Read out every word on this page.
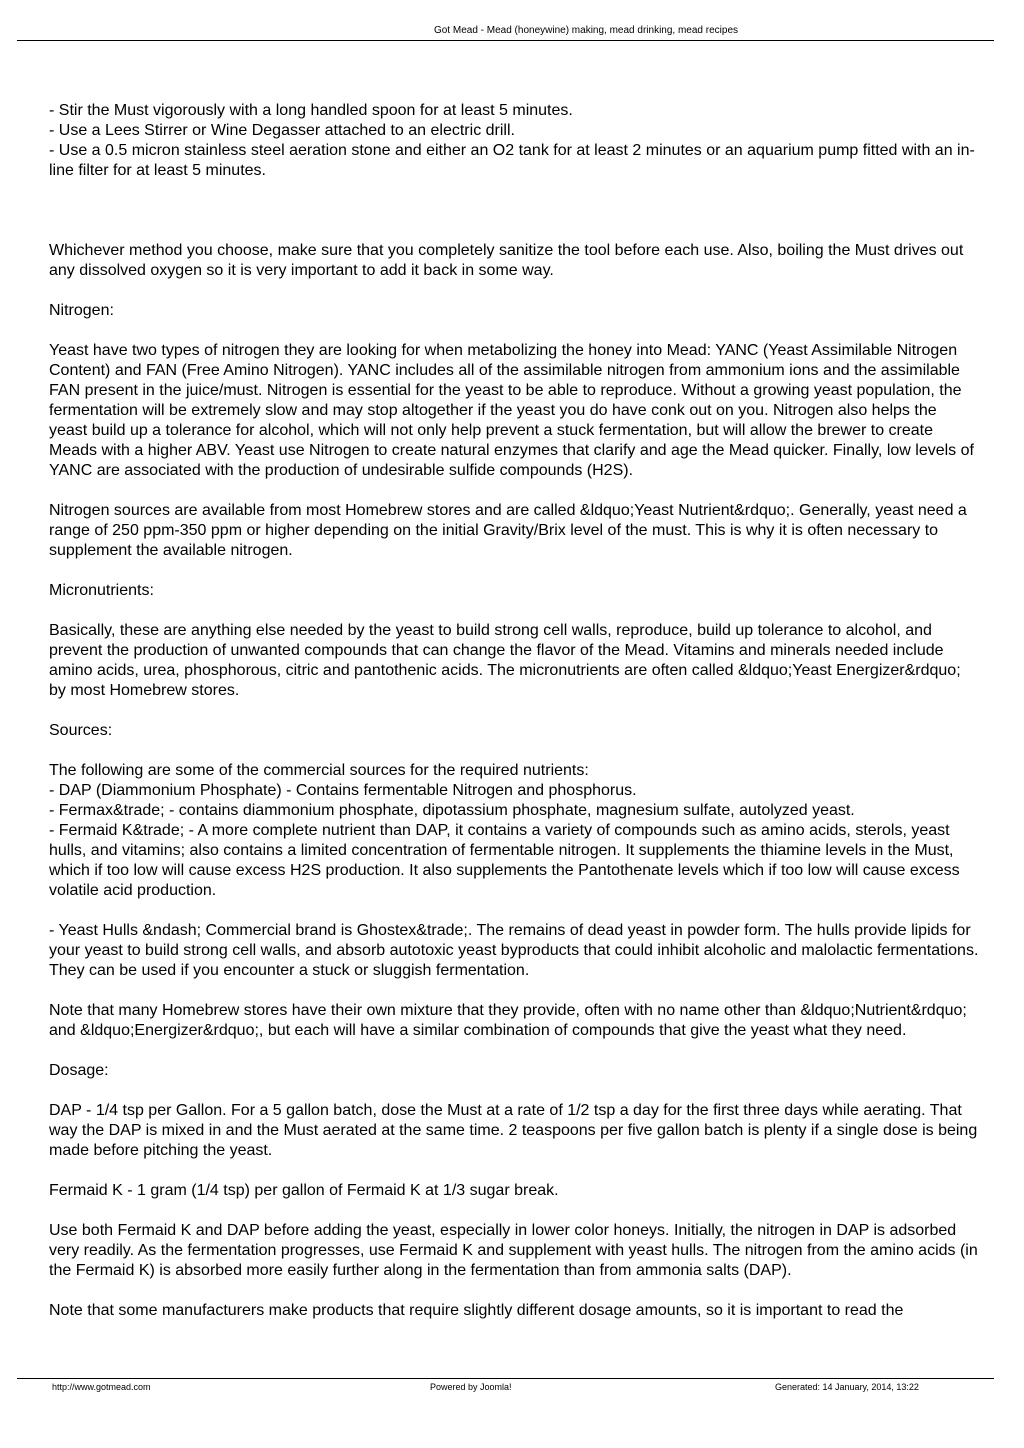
Got Mead - Mead (honeywine) making, mead drinking, mead recipes

- Stir the Must vigorously with a long handled spoon for at least 5 minutes.

- Use a Lees Stirrer or Wine Degasser attached to an electric drill.

- Use a 0.5 micron stainless steel aeration stone and either an O2 tank for at least 2 minutes or an aquarium pump fitted with an in-line filter for at least 5 minutes.

Whichever method you choose, make sure that you completely sanitize the tool before each use. Also, boiling the Must drives out any dissolved oxygen so it is very important to add it back in some way.

Nitrogen:

Yeast have two types of nitrogen they are looking for when metabolizing the honey into Mead: YANC (Yeast Assimilable Nitrogen Content) and FAN (Free Amino Nitrogen). YANC includes all of the assimilable nitrogen from ammonium ions and the assimilable FAN present in the juice/must. Nitrogen is essential for the yeast to be able to reproduce. Without a growing yeast population, the fermentation will be extremely slow and may stop altogether if the yeast you do have conk out on you. Nitrogen also helps the yeast build up a tolerance for alcohol, which will not only help prevent a stuck fermentation, but will allow the brewer to create Meads with a higher ABV. Yeast use Nitrogen to create natural enzymes that clarify and age the Mead quicker. Finally, low levels of YANC are associated with the production of undesirable sulfide compounds (H2S).

Nitrogen sources are available from most Homebrew stores and are called &ldquo;Yeast Nutrient&rdquo;. Generally, yeast need a range of 250 ppm-350 ppm or higher depending on the initial Gravity/Brix level of the must. This is why it is often necessary to supplement the available nitrogen.

Micronutrients:

Basically, these are anything else needed by the yeast to build strong cell walls, reproduce, build up tolerance to alcohol, and prevent the production of unwanted compounds that can change the flavor of the Mead. Vitamins and minerals needed include amino acids, urea, phosphorous, citric and pantothenic acids. The micronutrients are often called &ldquo;Yeast Energizer&rdquo; by most Homebrew stores.

Sources:

The following are some of the commercial sources for the required nutrients:

- DAP (Diammonium Phosphate) - Contains fermentable Nitrogen and phosphorus.

- Fermax&trade; - contains diammonium phosphate, dipotassium phosphate, magnesium sulfate, autolyzed yeast.

- Fermaid K&trade; - A more complete nutrient than DAP, it contains a variety of compounds such as amino acids, sterols, yeast hulls, and vitamins; also contains a limited concentration of fermentable nitrogen. It supplements the thiamine levels in the Must, which if too low will cause excess H2S production. It also supplements the Pantothenate levels which if too low will cause excess volatile acid production.

- Yeast Hulls &ndash; Commercial brand is Ghostex&trade;. The remains of dead yeast in powder form. The hulls provide lipids for your yeast to build strong cell walls, and absorb autotoxic yeast byproducts that could inhibit alcoholic and malolactic fermentations. They can be used if you encounter a stuck or sluggish fermentation.

Note that many Homebrew stores have their own mixture that they provide, often with no name other than &ldquo;Nutrient&rdquo; and &ldquo;Energizer&rdquo;, but each will have a similar combination of compounds that give the yeast what they need.

Dosage:

DAP - 1/4 tsp per Gallon. For a 5 gallon batch, dose the Must at a rate of 1/2 tsp a day for the first three days while aerating. That way the DAP is mixed in and the Must aerated at the same time. 2 teaspoons per five gallon batch is plenty if a single dose is being made before pitching the yeast.

Fermaid K - 1 gram (1/4 tsp) per gallon of Fermaid K at 1/3 sugar break.

Use both Fermaid K and DAP before adding the yeast, especially in lower color honeys. Initially, the nitrogen in DAP is adsorbed very readily. As the fermentation progresses, use Fermaid K and supplement with yeast hulls. The nitrogen from the amino acids (in the Fermaid K) is absorbed more easily further along in the fermentation than from ammonia salts (DAP).

Note that some manufacturers make products that require slightly different dosage amounts, so it is important to read the

http://www.gotmead.com	Powered by Joomla!	Generated: 14 January, 2014, 13:22
